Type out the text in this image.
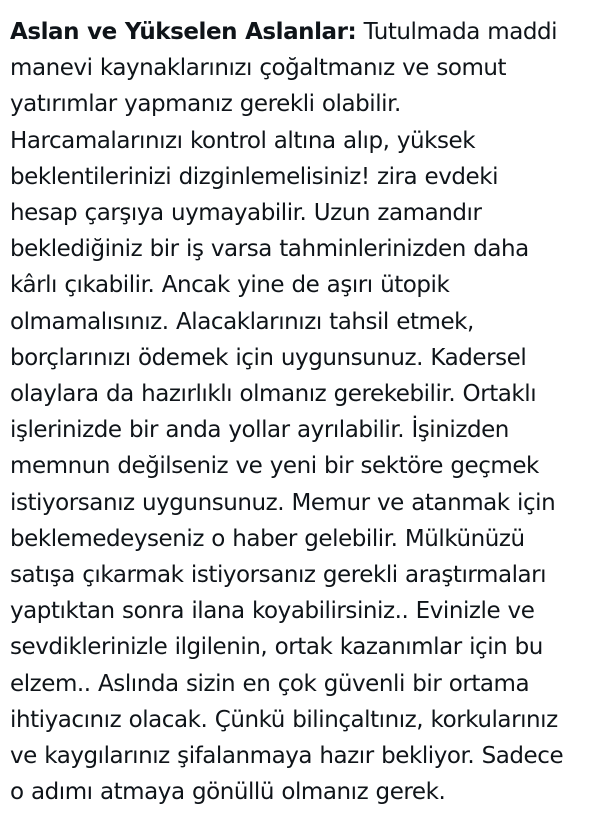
Aslan ve Yükselen Aslanlar: Tutulmada maddi
manevi kaynaklarınızı çoğaltmanız ve somut
yatırımlar yapmanız gerekli olabilir.
Harcamalarınızı kontrol altına alıp, yüksek
beklentilerinizi dizginlemelisiniz! zira evdeki
hesap çarşıya uymayabilir. Uzun zamandır
beklediğiniz bir iş varsa tahminlerinizden daha
kârlı çıkabilir. Ancak yine de aşırı ütopik
olmamalısınız. Alacaklarınızı tahsil etmek,
borçlarınızı ödemek için uygunsunuz. Kadersel
olaylara da hazırlıklı olmanız gerekebilir. Ortaklı
işlerinizde bir anda yollar ayrılabilir. İşinizden
memnun değilseniz ve yeni bir sektöre geçmek
istiyorsanız uygunsunuz. Memur ve atanmak için
beklemedeyseniz o haber gelebilir. Mülkünüzü
satışa çıkarmak istiyorsanız gerekli araştırmaları
yaptıktan sonra ilana koyabilirsiniz.. Evinizle ve
sevdiklerinizle ilgilenin, ortak kazanımlar için bu
elzem.. Aslında sizin en çok güvenli bir ortama
ihtiyacınız olacak. Çünkü bilinçaltınız, korkularınız
ve kaygılarınız şifalanmaya hazır bekliyor. Sadece
o adımı atmaya gönüllü olmanız gerek.
